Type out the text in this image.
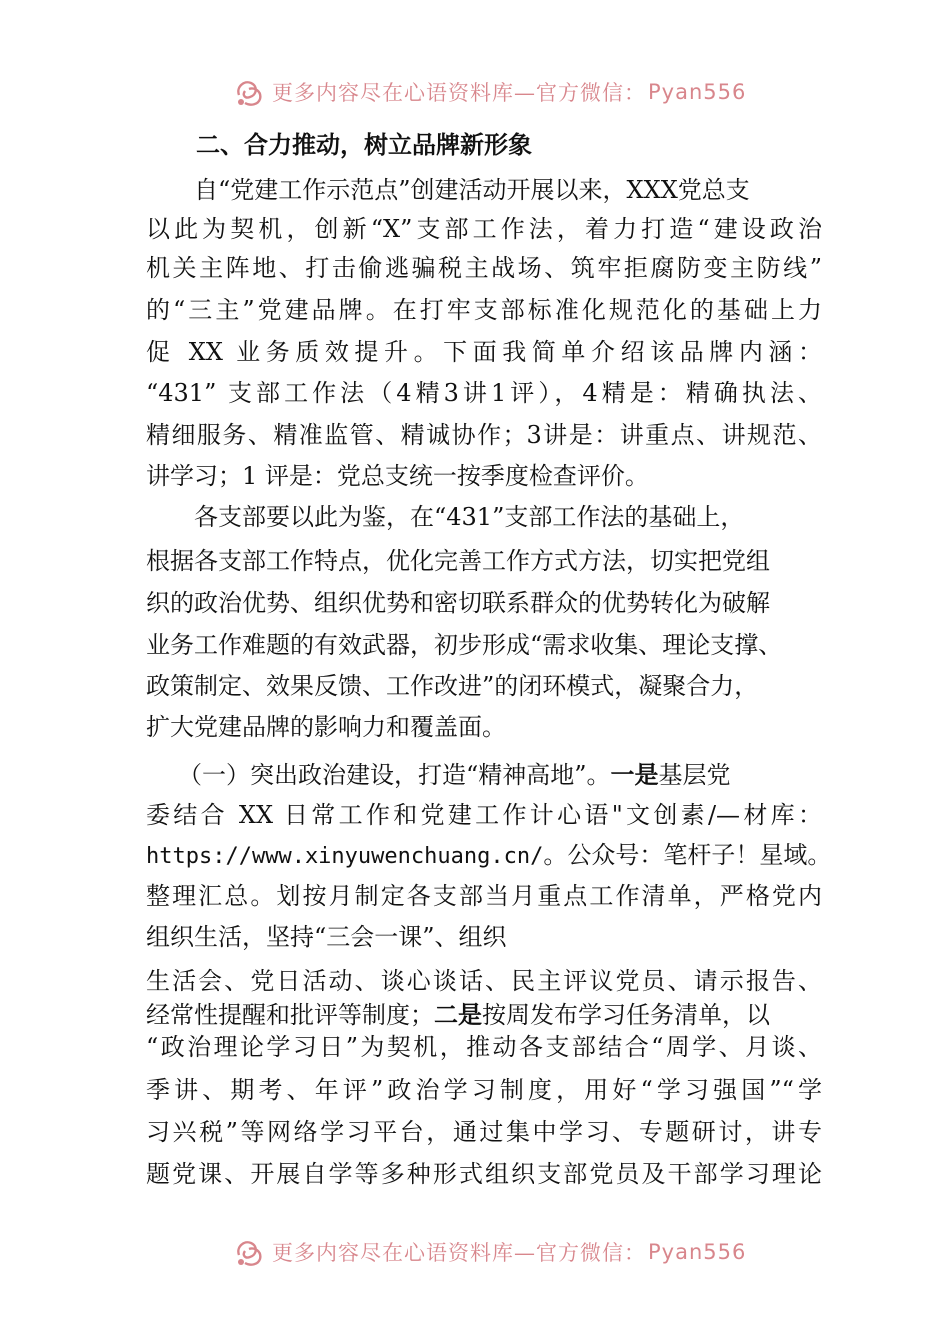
更多内容尽在心语资料库—官方微信： Pyan556
二、合力推动，树立品牌新形象
自“党建工作示范点”创建活动开展以来，XXX党总支
以此为契机，创新“X”支部工作法，着力打造“建设政治
机关主阵地、打击偷逃骗税主战场、筑牢拒腐防变主防线”
的“三主”党建品牌。在打牢支部标准化规范化的基础上力
促 XX 业务质效提升。下面我简单介绍该品牌内涵：
“431” 支部工作法（4精3讲1评），4精是：精确执法、
精细服务、精准监管、精诚协作；3讲是：讲重点、讲规范、
讲学习；1 评是：党总支统一按季度检查评价。
各支部要以此为鉴，在“431”支部工作法的基础上，
根据各支部工作特点，优化完善工作方式方法，切实把党组
织的政治优势、组织优势和密切联系群众的优势转化为破解
业务工作难题的有效武器，初步形成“需求收集、理论支撑、
政策制定、效果反馈、工作改进”的闭环模式，凝聚合力，
扩大党建品牌的影响力和覆盖面。
（一）突出政治建设，打造“精神高地”。一是基层党
委结合 XX 日常工作和党建工作计心语"文创素/—材库：
https://www.xinyuwenchuang.cn/。公众号：笔杆子！星域。
整理汇总。划按月制定各支部当月重点工作清单，严格党内
组织生活，坚持“三会一课”、组织
生活会、党日活动、谈心谈话、民主评议党员、请示报告、
经常性提醒和批评等制度；二是按周发布学习任务清单，以
“政治理论学习日”为契机，推动各支部结合“周学、月谈、
季讲、期考、年评”政治学习制度，用好“学习强国”“学
习兴税”等网络学习平台，通过集中学习、专题研讨，讲专
题党课、开展自学等多种形式组织支部党员及干部学习理论
更多内容尽在心语资料库—官方微信： Pyan556
